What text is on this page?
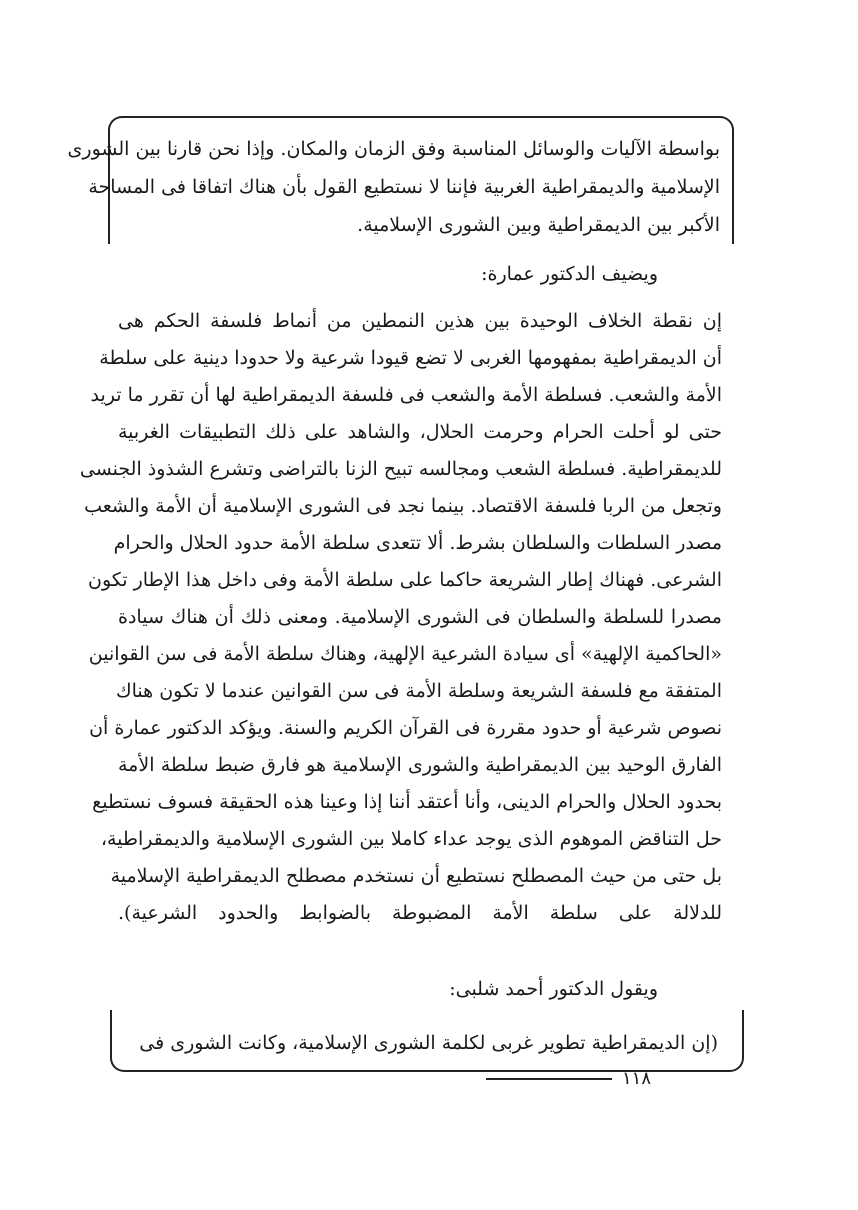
بواسطة الآليات والوسائل المناسبة وفق الزمان والمكان. وإذا نحن قارنا بين الشورى
الإسلامية والديمقراطية الغربية فإننا لا نستطيع القول بأن هناك اتفاقا فى المساحة
الأكبر بين الديمقراطية وبين الشورى الإسلامية.
ويضيف الدكتور عمارة:
إن نقطة الخلاف الوحيدة بين هذين النمطين من أنماط فلسفة الحكم هى
أن الديمقراطية بمفهومها الغربى لا تضع قيودا شرعية ولا حدودا دينية على سلطة
الأمة والشعب. فسلطة الأمة والشعب فى فلسفة الديمقراطية لها أن تقرر ما تريد
حتى لو أحلت الحرام وحرمت الحلال، والشاهد على ذلك التطبيقات الغربية
للديمقراطية. فسلطة الشعب ومجالسه تبيح الزنا بالتراضى وتشرع الشذوذ الجنسى
وتجعل من الربا فلسفة الاقتصاد. بينما نجد فى الشورى الإسلامية أن الأمة والشعب
مصدر السلطات والسلطان بشرط. ألا تتعدى سلطة الأمة حدود الحلال والحرام
الشرعى. فهناك إطار الشريعة حاكما على سلطة الأمة وفى داخل هذا الإطار تكون
مصدرا للسلطة والسلطان فى الشورى الإسلامية. ومعنى ذلك أن هناك سيادة
«الحاكمية الإلهية» أى سيادة الشرعية الإلهية، وهناك سلطة الأمة فى سن القوانين
المتفقة مع فلسفة الشريعة وسلطة الأمة فى سن القوانين عندما لا تكون هناك
نصوص شرعية أو حدود مقررة فى القرآن الكريم والسنة. ويؤكد الدكتور عمارة أن
الفارق الوحيد بين الديمقراطية والشورى الإسلامية هو فارق ضبط سلطة الأمة
بحدود الحلال والحرام الدينى، وأنا أعتقد أننا إذا وعينا هذه الحقيقة فسوف نستطيع
حل التناقض الموهوم الذى يوجد عداء كاملا بين الشورى الإسلامية والديمقراطية،
بل حتى من حيث المصطلح نستطيع أن نستخدم مصطلح الديمقراطية الإسلامية
للدلالة على سلطة الأمة المضبوطة بالضوابط والحدود الشرعية).
ويقول الدكتور أحمد شلبى:
(إن الديمقراطية تطوير غربى لكلمة الشورى الإسلامية، وكانت الشورى فى
١١٨
